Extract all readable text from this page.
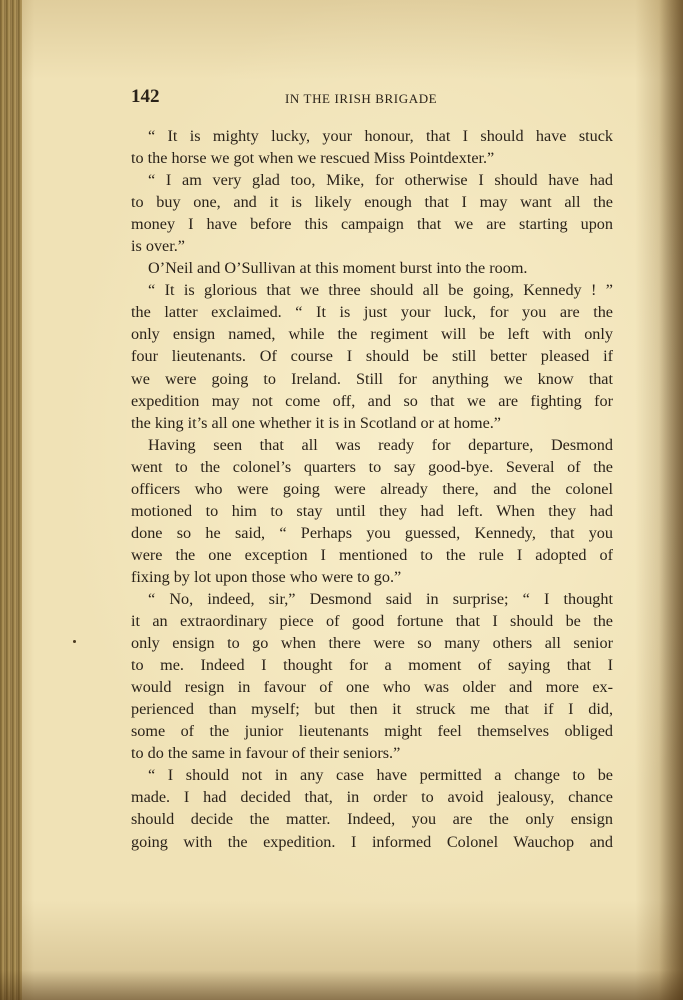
142	IN THE IRISH BRIGADE
“ It is mighty lucky, your honour, that I should have stuck
to the horse we got when we rescued Miss Pointdexter.”
“ I am very glad too, Mike, for otherwise I should have had
to buy one, and it is likely enough that I may want all the
money I have before this campaign that we are starting upon
is over.”
O’Neil and O’Sullivan at this moment burst into the room.
“ It is glorious that we three should all be going, Kennedy ! ”
the latter exclaimed. “ It is just your luck, for you are the
only ensign named, while the regiment will be left with only
four lieutenants. Of course I should be still better pleased if
we were going to Ireland. Still for anything we know that
expedition may not come off, and so that we are fighting for
the king it’s all one whether it is in Scotland or at home.”
Having seen that all was ready for departure, Desmond
went to the colonel’s quarters to say good-bye. Several of the
officers who were going were already there, and the colonel
motioned to him to stay until they had left. When they had
done so he said, “ Perhaps you guessed, Kennedy, that you
were the one exception I mentioned to the rule I adopted of
fixing by lot upon those who were to go.”
“ No, indeed, sir,” Desmond said in surprise; “ I thought
it an extraordinary piece of good fortune that I should be the
only ensign to go when there were so many others all senior
to me. Indeed I thought for a moment of saying that I
would resign in favour of one who was older and more ex-
perienced than myself; but then it struck me that if I did,
some of the junior lieutenants might feel themselves obliged
to do the same in favour of their seniors.”
“ I should not in any case have permitted a change to be
made. I had decided that, in order to avoid jealousy, chance
should decide the matter. Indeed, you are the only ensign
going with the expedition. I informed Colonel Wauchop and
